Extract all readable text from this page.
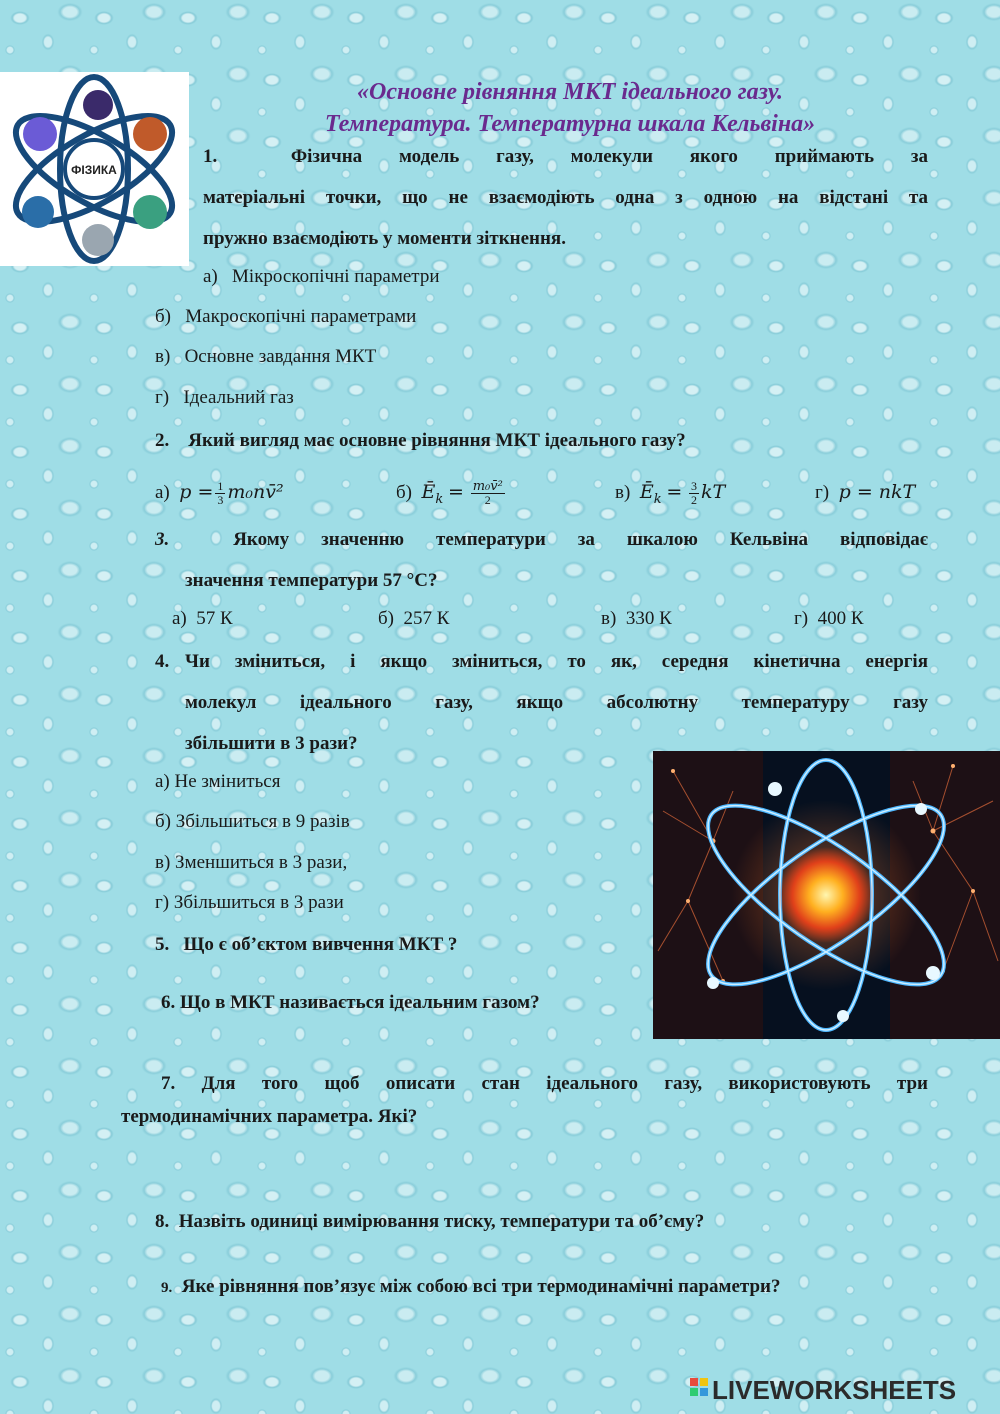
ФІЗИКА
«Основне рівняння МКТ ідеального газу.
Температура. Температурна шкала Кельвіна»
1.	Фізична модель газу, молекули якого приймають за
матеріальні точки, що не взаємодіють одна з одною на відстані та
пружно взаємодіють у моменти зіткнення.
а) Мікроскопічні параметри
б) Макроскопічні параметрами
в) Основне завдання МКТ
г) Ідеальний газ
2. Який вигляд має основне рівняння МКТ ідеального газу?
а) $p = \frac{1}{3}$ m₀nv̄²	б) $Ē_k = \frac{\text{m₀v̄²}}{2}$	в) $Ē_k = \frac{3}{2}$ kT	г) p = nkT
3.	Якому значенню температури за шкалою Кельвіна відповідає
значення температури 57 °С?
а) 57 К	б) 257 К	в) 330 К	г) 400 К
4. Чи зміниться, і якщо зміниться, то як, середня кінетична енергія
молекул ідеального газу, якщо абсолютну температуру газу
збільшити в 3 рази?
а) Не зміниться
б) Збільшиться в 9 разів
в) Зменшиться в 3 рази,
г) Збільшиться в 3 рази
5. Що є об’єктом вивчення МКТ ?
6. Що в МКТ називається ідеальним газом?
7. Для того щоб описати стан ідеального газу, використовують три
термодинамічних параметра. Які?
8. Назвіть одиниці вимірювання тиску, температури та об’єму?
9. Яке рівняння пов’язує між собою всі три термодинамічні параметри?
LIVEWORKSHEETS
